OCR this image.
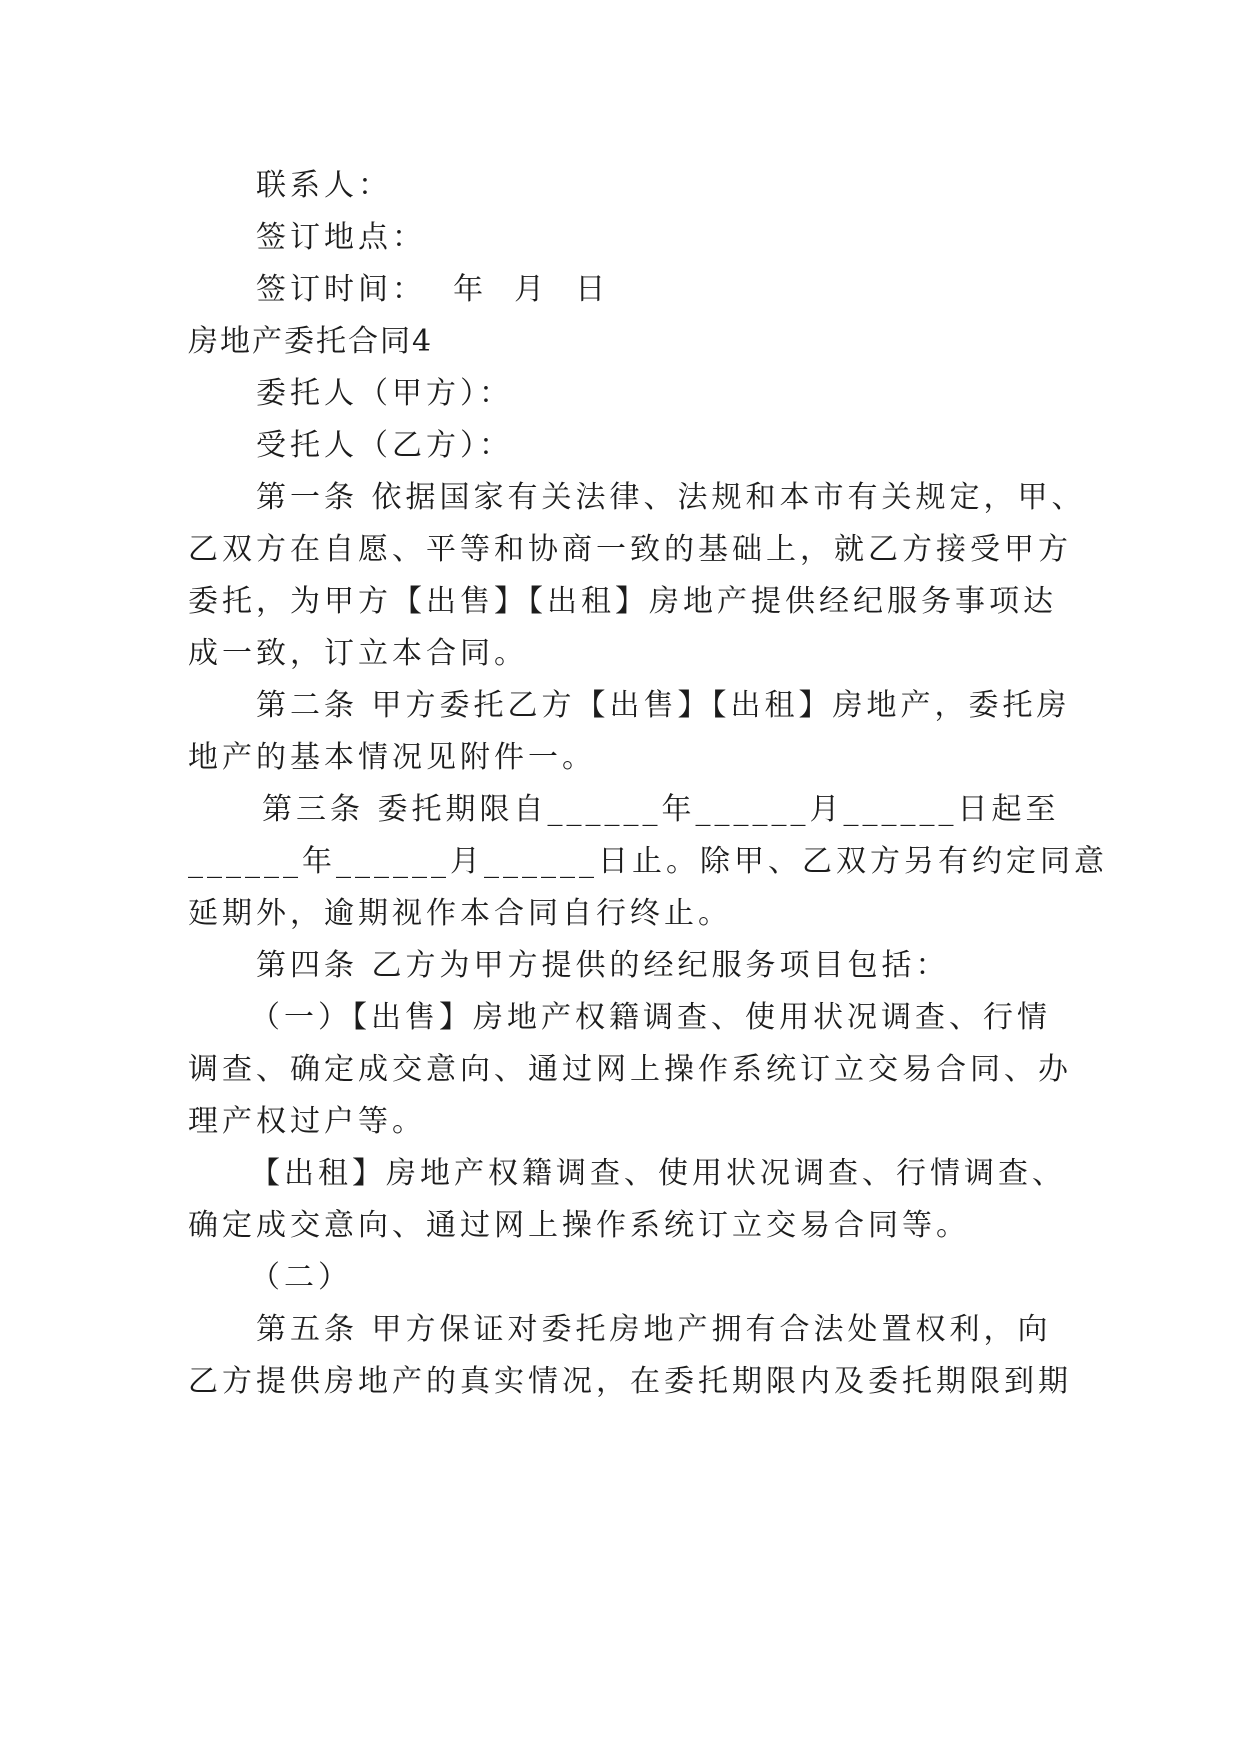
联系人：
签订地点：
签订时间：  年  月  日
房地产委托合同4
委托人（甲方）：
受托人（乙方）：
第一条 依据国家有关法律、法规和本市有关规定，甲、
乙双方在自愿、平等和协商一致的基础上，就乙方接受甲方
委托，为甲方【出售】【出租】房地产提供经纪服务事项达
成一致，订立本合同。
第二条 甲方委托乙方【出售】【出租】房地产，委托房
地产的基本情况见附件一。
第三条 委托期限自______年______月______日起至
______年______月______日止。除甲、乙双方另有约定同意
延期外，逾期视作本合同自行终止。
第四条 乙方为甲方提供的经纪服务项目包括：
（一）【出售】房地产权籍调查、使用状况调查、行情
调查、确定成交意向、通过网上操作系统订立交易合同、办
理产权过户等。
【出租】房地产权籍调查、使用状况调查、行情调查、
确定成交意向、通过网上操作系统订立交易合同等。
（二）
第五条 甲方保证对委托房地产拥有合法处置权利，向
乙方提供房地产的真实情况，在委托期限内及委托期限到期
